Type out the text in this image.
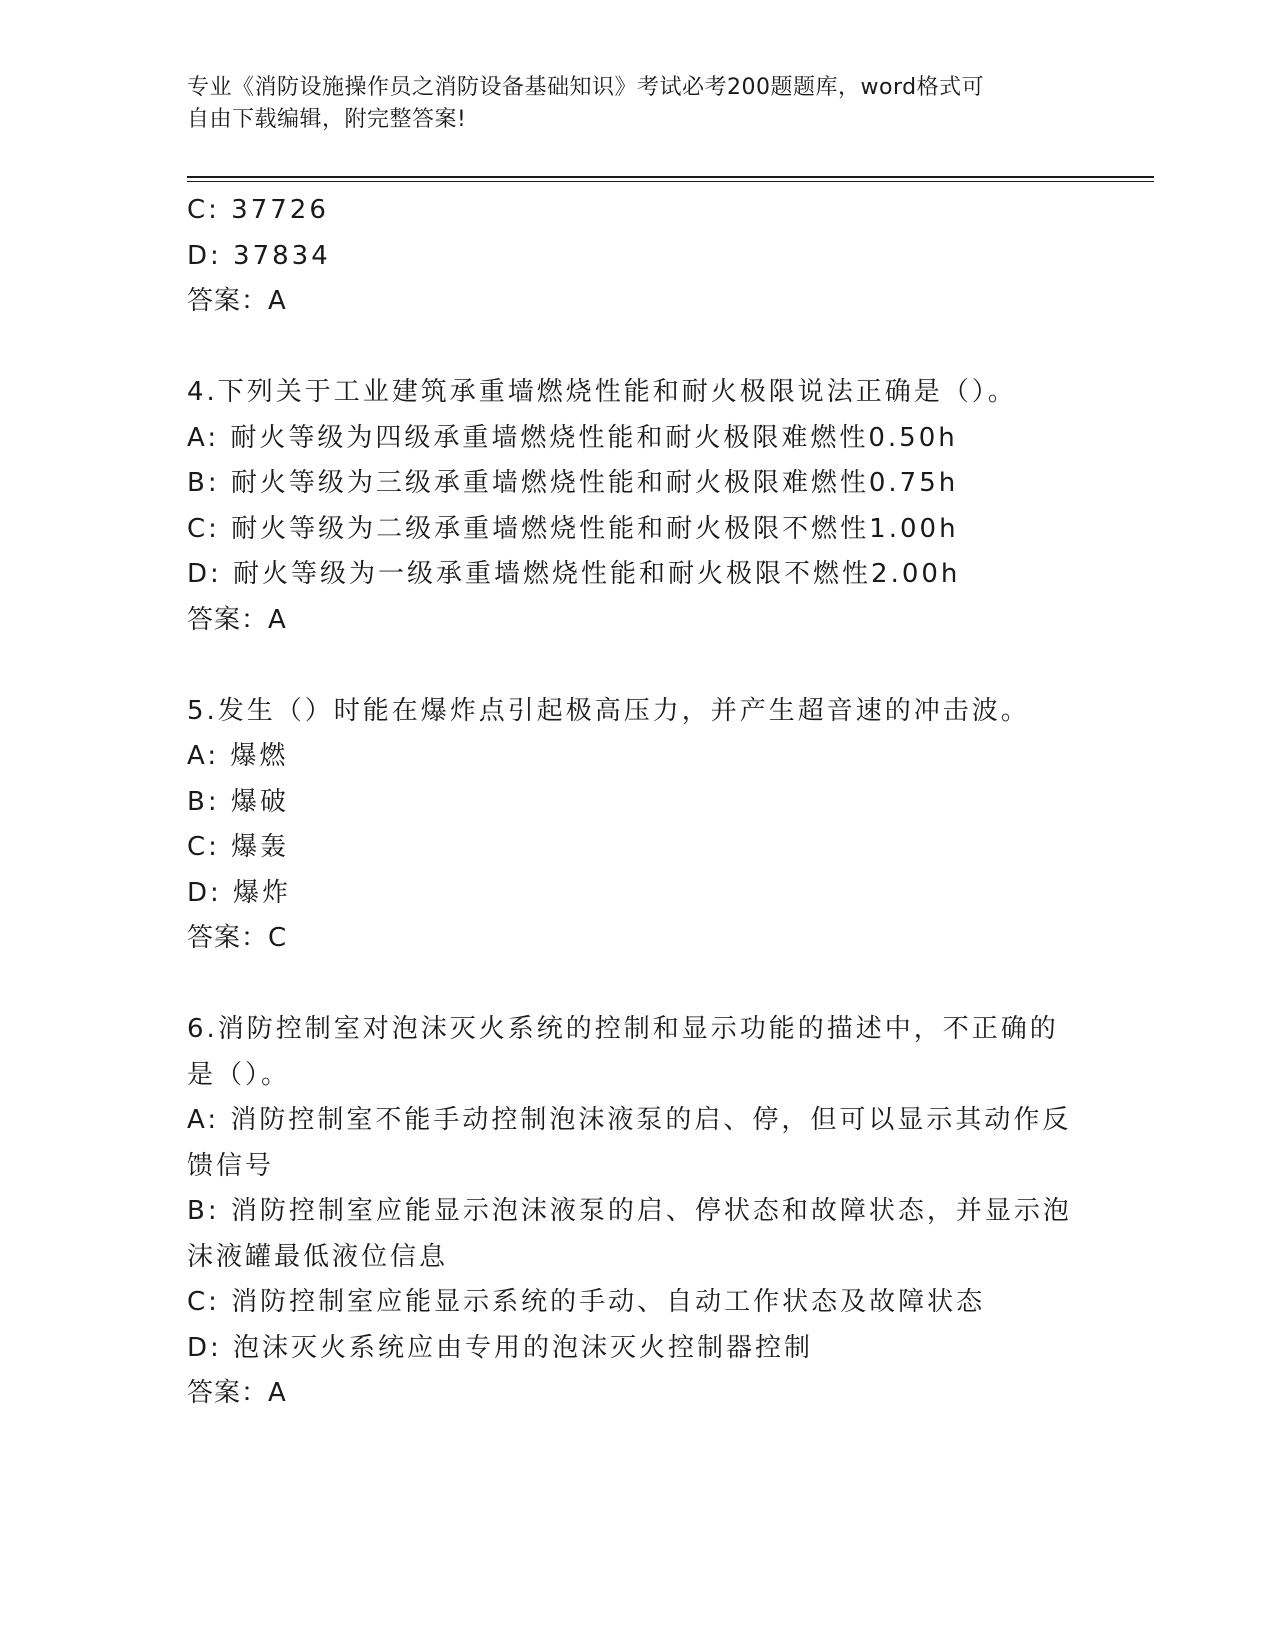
专业《消防设施操作员之消防设备基础知识》考试必考200题题库，word格式可
自由下载编辑，附完整答案!
C: 37726
D: 37834
答案：A
4.下列关于工业建筑承重墙燃烧性能和耐火极限说法正确是（）。
A: 耐火等级为四级承重墙燃烧性能和耐火极限难燃性0.50h
B: 耐火等级为三级承重墙燃烧性能和耐火极限难燃性0.75h
C: 耐火等级为二级承重墙燃烧性能和耐火极限不燃性1.00h
D: 耐火等级为一级承重墙燃烧性能和耐火极限不燃性2.00h
答案：A
5.发生（）时能在爆炸点引起极高压力，并产生超音速的冲击波。
A: 爆燃
B: 爆破
C: 爆轰
D: 爆炸
答案：C
6.消防控制室对泡沫灭火系统的控制和显示功能的描述中，不正确的
是（）。
A: 消防控制室不能手动控制泡沫液泵的启、停，但可以显示其动作反
馈信号
B: 消防控制室应能显示泡沫液泵的启、停状态和故障状态，并显示泡
沫液罐最低液位信息
C: 消防控制室应能显示系统的手动、自动工作状态及故障状态
D: 泡沫灭火系统应由专用的泡沫灭火控制器控制
答案：A
